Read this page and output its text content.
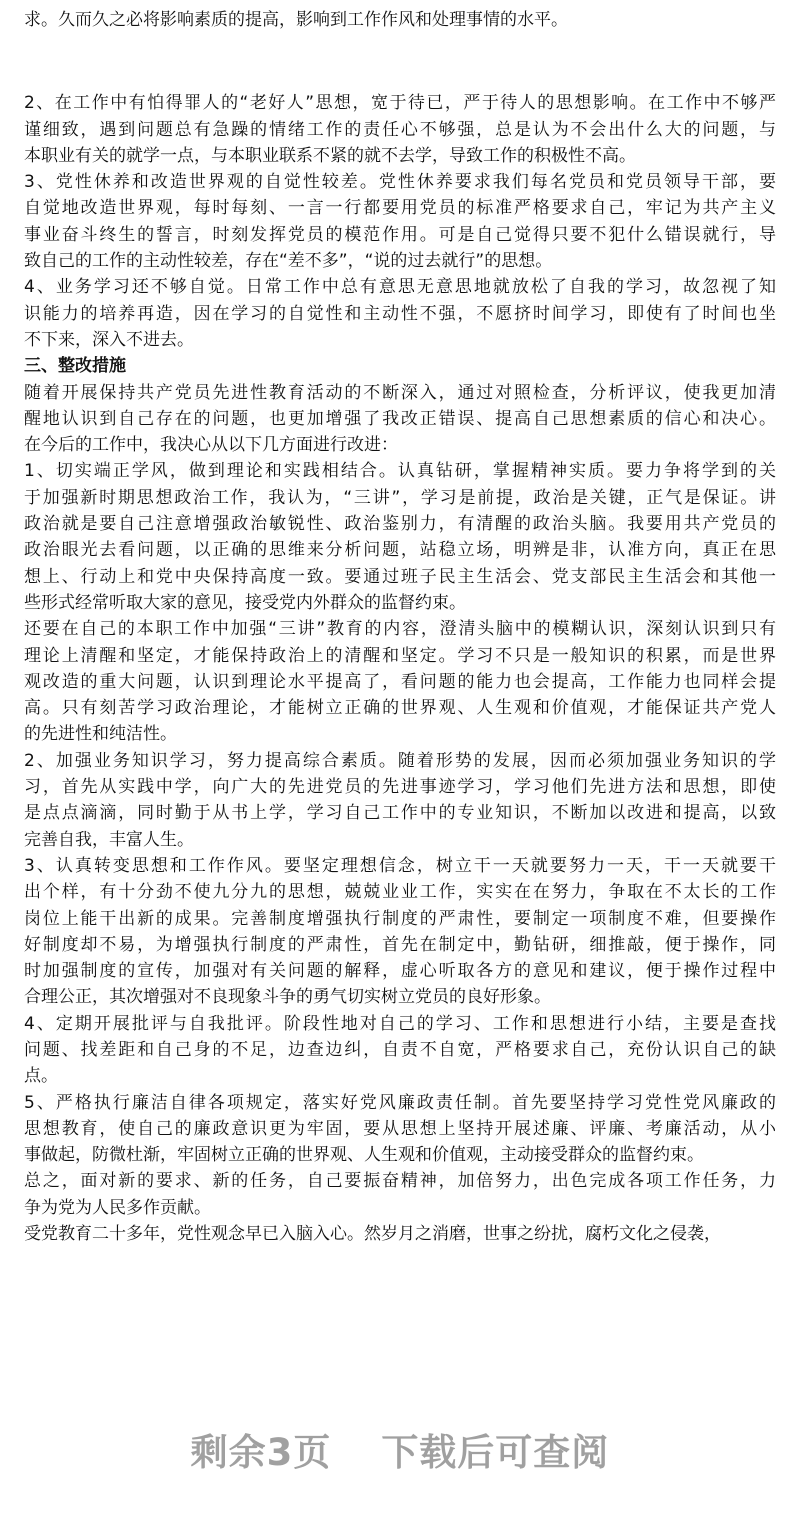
求。久而久之必将影响素质的提高，影响到工作作风和处理事情的水平。
2、在工作中有怕得罪人的“老好人”思想，宽于待已，严于待人的思想影响。在工作中不够严
谨细致，遇到问题总有急躁的情绪工作的责任心不够强，总是认为不会出什么大的问题，与
本职业有关的就学一点，与本职业联系不紧的就不去学，导致工作的积极性不高。
3、党性休养和改造世界观的自觉性较差。党性休养要求我们每名党员和党员领导干部，要
自觉地改造世界观，每时每刻、一言一行都要用党员的标准严格要求自己，牢记为共产主义
事业奋斗终生的誓言，时刻发挥党员的模范作用。可是自己觉得只要不犯什么错误就行，导
致自己的工作的主动性较差，存在“差不多”，“说的过去就行”的思想。
4、业务学习还不够自觉。日常工作中总有意思无意思地就放松了自我的学习，故忽视了知
识能力的培养再造，因在学习的自觉性和主动性不强，不愿挤时间学习，即使有了时间也坐
不下来，深入不进去。
三、整改措施
随着开展保持共产党员先进性教育活动的不断深入，通过对照检查，分析评议，使我更加清
醒地认识到自己存在的问题，也更加增强了我改正错误、提高自己思想素质的信心和决心。
在今后的工作中，我决心从以下几方面进行改进：
1、切实端正学风，做到理论和实践相结合。认真钻研，掌握精神实质。要力争将学到的关
于加强新时期思想政治工作，我认为，“三讲”，学习是前提，政治是关键，正气是保证。讲
政治就是要自己注意增强政治敏锐性、政治鉴别力，有清醒的政治头脑。我要用共产党员的
政治眼光去看问题，以正确的思维来分析问题，站稳立场，明辨是非，认准方向，真正在思
想上、行动上和党中央保持高度一致。要通过班子民主生活会、党支部民主生活会和其他一
些形式经常听取大家的意见，接受党内外群众的监督约束。
还要在自己的本职工作中加强“三讲”教育的内容，澄清头脑中的模糊认识，深刻认识到只有
理论上清醒和坚定，才能保持政治上的清醒和坚定。学习不只是一般知识的积累，而是世界
观改造的重大问题，认识到理论水平提高了，看问题的能力也会提高，工作能力也同样会提
高。只有刻苦学习政治理论，才能树立正确的世界观、人生观和价值观，才能保证共产党人
的先进性和纯洁性。
2、加强业务知识学习，努力提高综合素质。随着形势的发展，因而必须加强业务知识的学
习，首先从实践中学，向广大的先进党员的先进事迹学习，学习他们先进方法和思想，即使
是点点滴滴，同时勤于从书上学，学习自己工作中的专业知识，不断加以改进和提高，以致
完善自我，丰富人生。
3、认真转变思想和工作作风。要坚定理想信念，树立干一天就要努力一天，干一天就要干
出个样，有十分劲不使九分九的思想，兢兢业业工作，实实在在努力，争取在不太长的工作
岗位上能干出新的成果。完善制度增强执行制度的严肃性，要制定一项制度不难，但要操作
好制度却不易，为增强执行制度的严肃性，首先在制定中，勤钻研，细推敲，便于操作，同
时加强制度的宣传，加强对有关问题的解释，虚心听取各方的意见和建议，便于操作过程中
合理公正，其次增强对不良现象斗争的勇气切实树立党员的良好形象。
4、定期开展批评与自我批评。阶段性地对自己的学习、工作和思想进行小结，主要是查找
问题、找差距和自己身的不足，边查边纠，自责不自宽，严格要求自己，充份认识自己的缺
点。
5、严格执行廉洁自律各项规定，落实好党风廉政责任制。首先要坚持学习党性党风廉政的
思想教育，使自己的廉政意识更为牢固，要从思想上坚持开展述廉、评廉、考廉活动，从小
事做起，防微杜渐，牢固树立正确的世界观、人生观和价值观，主动接受群众的监督约束。
总之，面对新的要求、新的任务，自己要振奋精神，加倍努力，出色完成各项工作任务，力
争为党为人民多作贡献。
受党教育二十多年，党性观念早已入脑入心。然岁月之消磨，世事之纷扰，腐朽文化之侵袭，
剩余3页 下载后可查阅
